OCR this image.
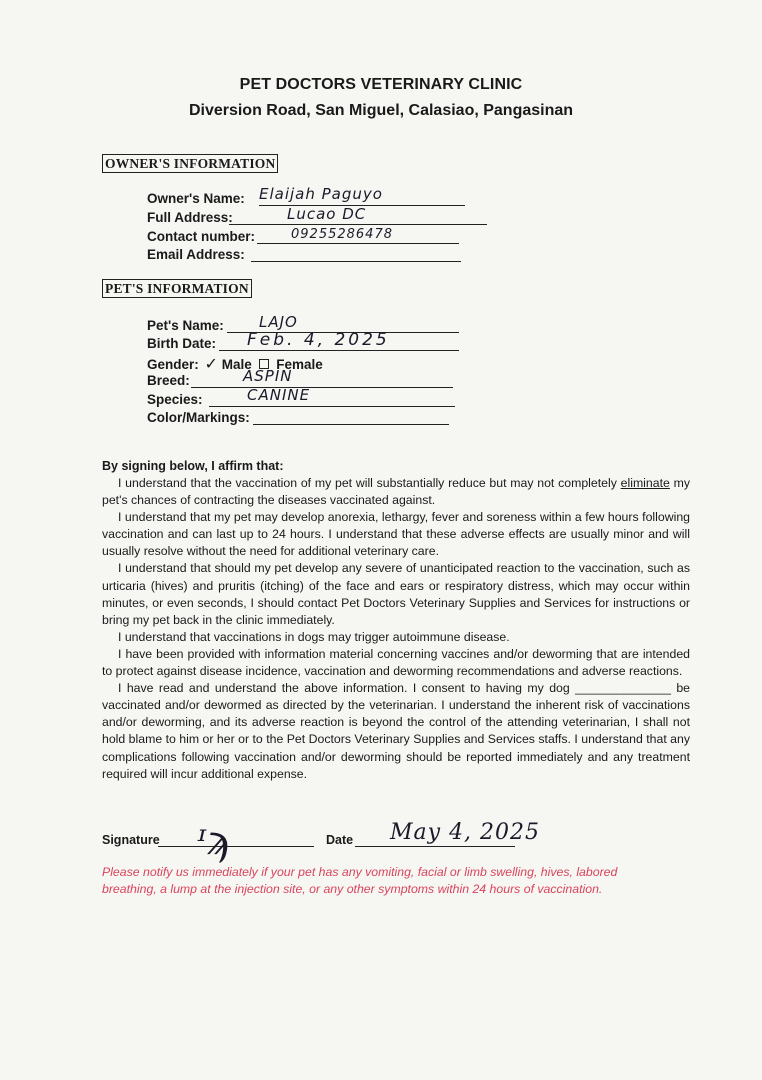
PET DOCTORS VETERINARY CLINIC
Diversion Road, San Miguel, Calasiao, Pangasinan
OWNER'S INFORMATION
Owner's Name: Elaijah Paguyo
Full Address:	Lucao DC
Contact number:	09255286478
Email Address:
PET'S INFORMATION
Pet's Name: LAJO
Birth Date: Feb. 4, 2025
Gender: ✓ Male Female
Breed:	ASPIN
Species:	CANINE
Color/Markings:
By signing below, I affirm that:

I understand that the vaccination of my pet will substantially reduce but may not completely eliminate my pet's chances of contracting the diseases vaccinated against.

I understand that my pet may develop anorexia, lethargy, fever and soreness within a few hours following vaccination and can last up to 24 hours. I understand that these adverse effects are usually minor and will usually resolve without the need for additional veterinary care.

I understand that should my pet develop any severe of unanticipated reaction to the vaccination, such as urticaria (hives) and pruritis (itching) of the face and ears or respiratory distress, which may occur within minutes, or even seconds, I should contact Pet Doctors Veterinary Supplies and Services for instructions or bring my pet back in the clinic immediately.

I understand that vaccinations in dogs may trigger autoimmune disease.

I have been provided with information material concerning vaccines and/or deworming that are intended to protect against disease incidence, vaccination and deworming recommendations and adverse reactions.

I have read and understand the above information. I consent to having my dog ______________ be vaccinated and/or dewormed as directed by the veterinarian. I understand the inherent risk of vaccinations and/or deworming, and its adverse reaction is beyond the control of the attending veterinarian, I shall not hold blame to him or her or to the Pet Doctors Veterinary Supplies and Services staffs. I understand that any complications following vaccination and/or deworming should be reported immediately and any treatment required will incur additional expense.

Signature ᶦϡ	Date May 4, 2025
Please notify us immediately if your pet has any vomiting, facial or limb swelling, hives, labored breathing, a lump at the injection site, or any other symptoms within 24 hours of vaccination.
